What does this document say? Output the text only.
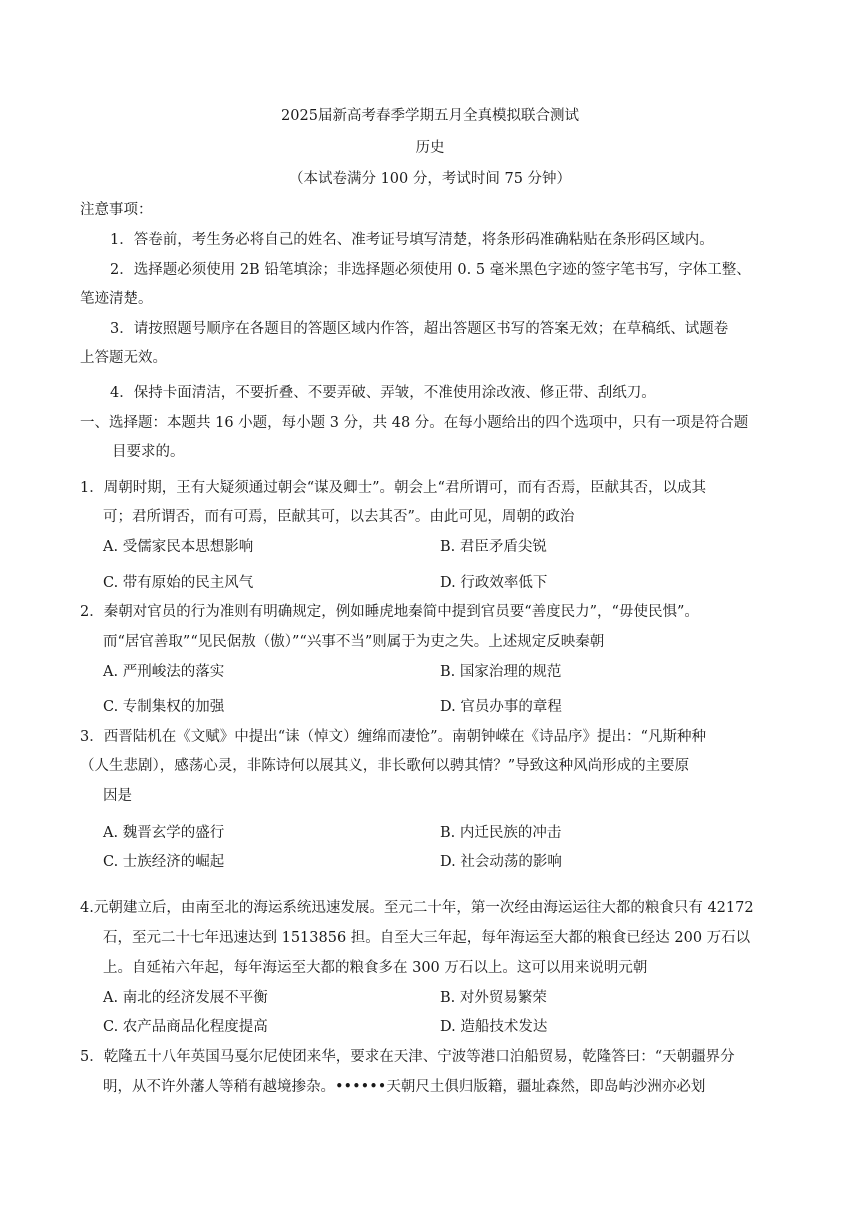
2025届新高考春季学期五月全真模拟联合测试
历史
（本试卷满分 100 分，考试时间 75 分钟）
注意事项：
1．答卷前，考生务必将自己的姓名、准考证号填写清楚，将条形码准确粘贴在条形码区域内。
2．选择题必须使用 2B 铅笔填涂；非选择题必须使用 0. 5 毫米黑色字迹的签字笔书写，字体工整、
笔迹清楚。
3．请按照题号顺序在各题目的答题区域内作答，超出答题区书写的答案无效；在草稿纸、试题卷
上答题无效。
4．保持卡面清洁，不要折叠、不要弄破、弄皱，不准使用涂改液、修正带、刮纸刀。
一、选择题：本题共 16 小题，每小题 3 分，共 48 分。在每小题给出的四个选项中，只有一项是符合题
目要求的。
1．周朝时期，王有大疑须通过朝会“谋及卿士”。朝会上“君所谓可，而有否焉，臣献其否，以成其
可；君所谓否，而有可焉，臣献其可，以去其否”。由此可见，周朝的政治
A. 受儒家民本思想影响	B. 君臣矛盾尖锐
C. 带有原始的民主风气	D. 行政效率低下
2．秦朝对官员的行为准则有明确规定，例如睡虎地秦简中提到官员要“善度民力”，“毋使民惧”。
而“居官善取”“见民倨敖（傲）”“兴事不当”则属于为吏之失。上述规定反映秦朝
A. 严刑峻法的落实	B. 国家治理的规范
C. 专制集权的加强	D. 官员办事的章程
3．西晋陆机在《文赋》中提出“诔（悼文）缠绵而凄怆”。南朝钟嵘在《诗品序》提出：“凡斯种种
（人生悲剧），感荡心灵，非陈诗何以展其义，非长歌何以骋其情？”导致这种风尚形成的主要原
因是
A. 魏晋玄学的盛行	B. 内迁民族的冲击
C. 士族经济的崛起	D. 社会动荡的影响
4.元朝建立后，由南至北的海运系统迅速发展。至元二十年，第一次经由海运运往大都的粮食只有 42172
石，至元二十七年迅速达到 1513856 担。自至大三年起，每年海运至大都的粮食已经达 200 万石以
上。自延祐六年起，每年海运至大都的粮食多在 300 万石以上。这可以用来说明元朝
A. 南北的经济发展不平衡	B. 对外贸易繁荣
C. 农产品商品化程度提高	D. 造船技术发达
5．乾隆五十八年英国马戛尔尼使团来华，要求在天津、宁波等港口泊船贸易，乾隆答曰：“天朝疆界分
明，从不许外藩人等稍有越境掺杂。••••••天朝尺土俱归版籍，疆址森然，即岛屿沙洲亦必划
